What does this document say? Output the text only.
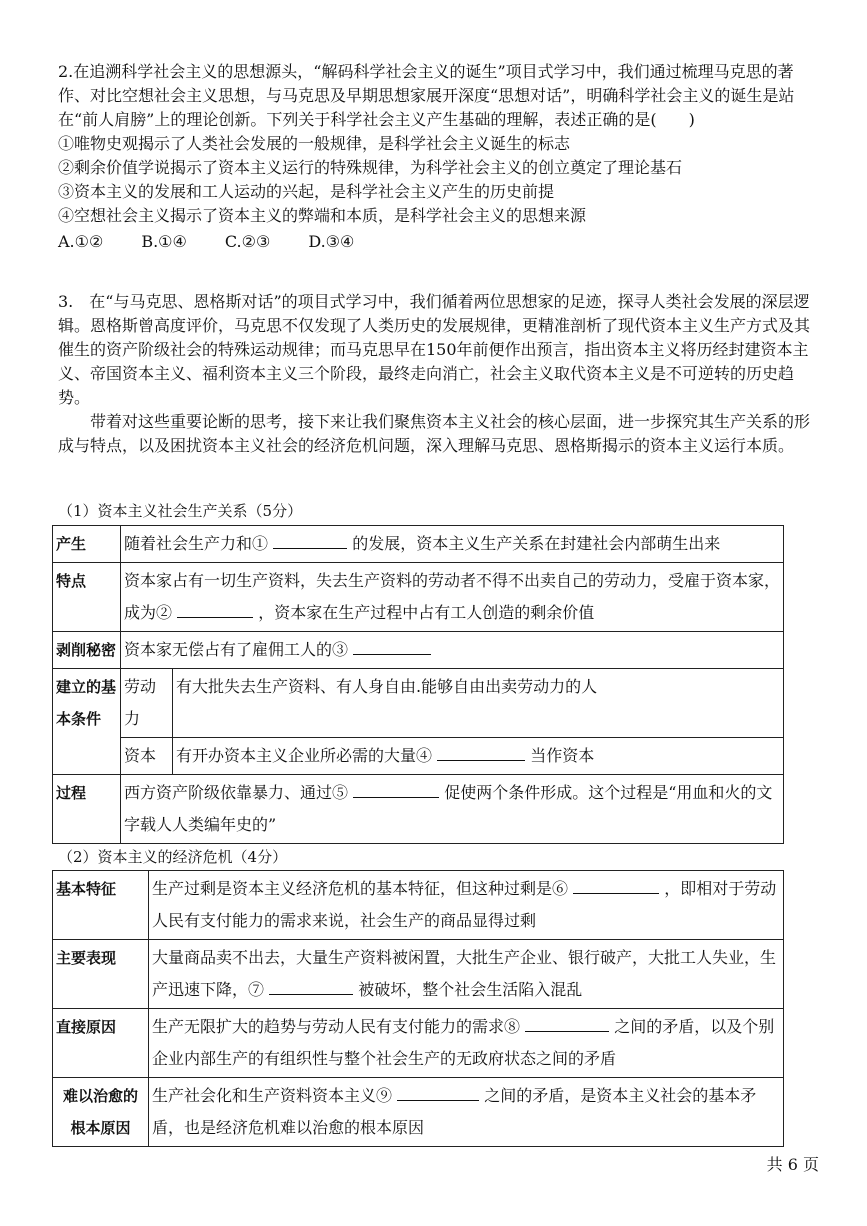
2.在追溯科学社会主义的思想源头，“解码科学社会主义的诞生”项目式学习中，我们通过梳理马克思的著作、对比空想社会主义思想，与马克思及早期思想家展开深度“思想对话”，明确科学社会主义的诞生是站在“前人肩膀”上的理论创新。下列关于科学社会主义产生基础的理解，表述正确的是(　　)

①唯物史观揭示了人类社会发展的一般规律，是科学社会主义诞生的标志

②剩余价值学说揭示了资本主义运行的特殊规律，为科学社会主义的创立奠定了理论基石

③资本主义的发展和工人运动的兴起，是科学社会主义产生的历史前提

④空想社会主义揭示了资本主义的弊端和本质，是科学社会主义的思想来源

A.①② B.①④ C.②③ D.③④

3.　在“与马克思、恩格斯对话”的项目式学习中，我们循着两位思想家的足迹，探寻人类社会发展的深层逻辑。恩格斯曾高度评价，马克思不仅发现了人类历史的发展规律，更精准剖析了现代资本主义生产方式及其催生的资产阶级社会的特殊运动规律；而马克思早在150年前便作出预言，指出资本主义将历经封建资本主义、帝国资本主义、福利资本主义三个阶段，最终走向消亡，社会主义取代资本主义是不可逆转的历史趋势。

带着对这些重要论断的思考，接下来让我们聚焦资本主义社会的核心层面，进一步探究其生产关系的形成与特点，以及困扰资本主义社会的经济危机问题，深入理解马克思、恩格斯揭示的资本主义运行本质。

（1）资本主义社会生产关系（5分）
产生	随着社会生产力和① 的发展，资本主义生产关系在封建社会内部萌生出来	
特点	资本家占有一切生产资料，失去生产资料的劳动者不得不出卖自己的劳动力，受雇于资本家，成为② ，资本家在生产过程中占有工人创造的剩余价值	
剥削秘密	资本家无偿占有了雇佣工人的③	
建立的基本条件	劳动力	有大批失去生产资料、有人身自由.能够自由出卖劳动力的人
	资本	有开办资本主义企业所必需的大量④ 当作资本
过程	西方资产阶级依靠暴力、通过⑤ 促使两个条件形成。这个过程是“用血和火的文字载人人类编年史的”	
（2）资本主义的经济危机（4分）
基本特征	生产过剩是资本主义经济危机的基本特征，但这种过剩是⑥ ，即相对于劳动人民有支付能力的需求来说，社会生产的商品显得过剩
主要表现	大量商品卖不出去，大量生产资料被闲置，大批生产企业、银行破产，大批工人失业，生产迅速下降，⑦ 被破坏，整个社会生活陷入混乱
直接原因	生产无限扩大的趋势与劳动人民有支付能力的需求⑧ 之间的矛盾，以及个别企业内部生产的有组织性与整个社会生产的无政府状态之间的矛盾
难以治愈的根本原因	生产社会化和生产资料资本主义⑨ 之间的矛盾，是资本主义社会的基本矛盾，也是经济危机难以治愈的根本原因
共 6 页
